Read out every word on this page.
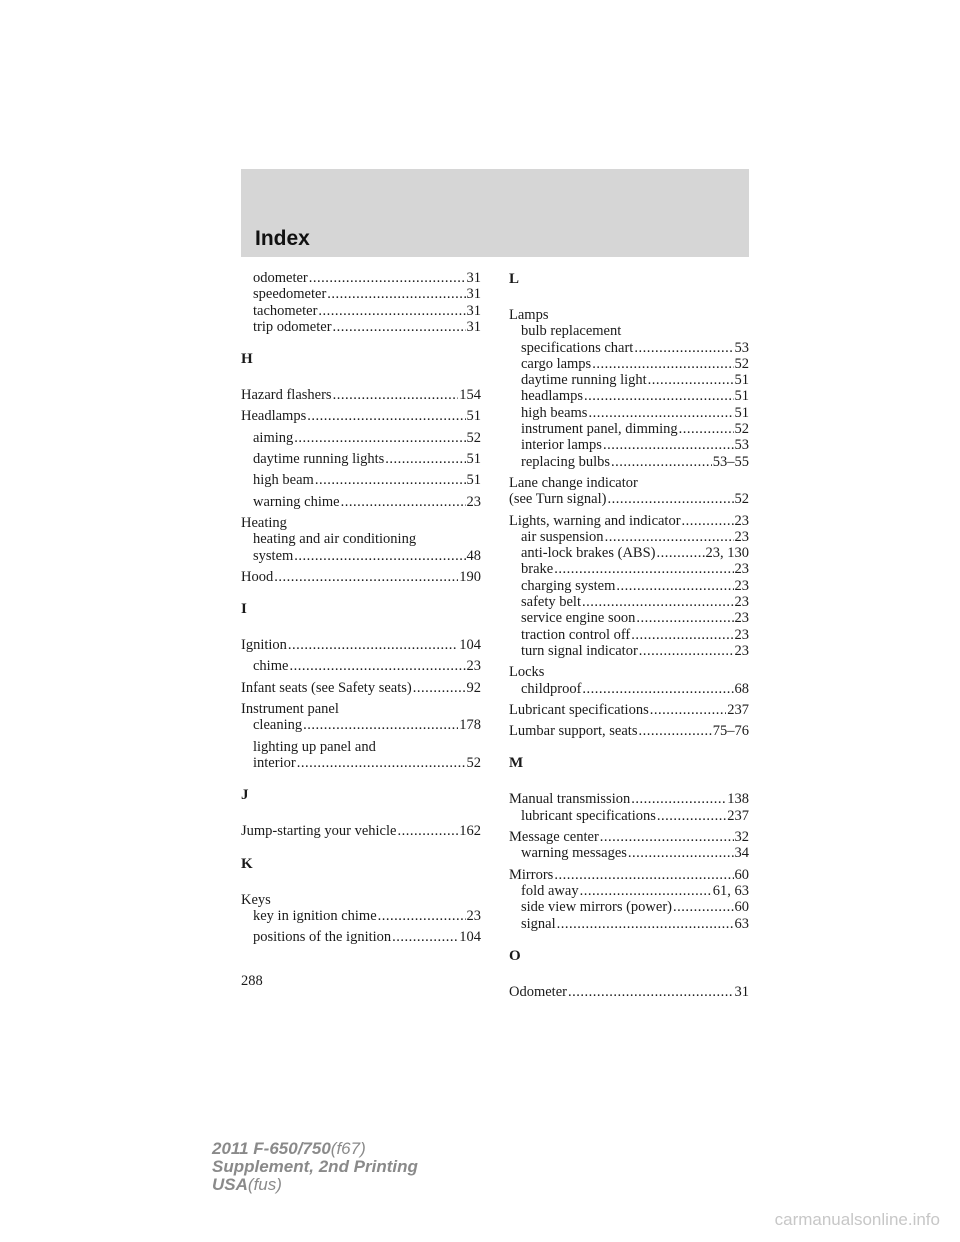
Index
odometer .....	31
speedometer .....	31
tachometer .....	31
trip odometer .....	31
H
Hazard flashers .....	154
Headlamps .....	51
aiming .....	52
daytime running lights .....	51
high beam .....	51
warning chime .....	23
Heating
heating and air conditioning
system .....	48
Hood .....	190
I
Ignition .....	104
chime .....	23
Infant seats (see Safety seats) .....	92
Instrument panel
cleaning .....	178
lighting up panel and
interior .....	52
J
Jump-starting your vehicle .....	162
K
Keys
key in ignition chime .....	23
positions of the ignition .....	104
L
Lamps
bulb replacement
specifications chart .....	53
cargo lamps .....	52
daytime running light .....	51
headlamps .....	51
high beams .....	51
instrument panel, dimming .....	52
interior lamps .....	53
replacing bulbs .....	53–55
Lane change indicator
(see Turn signal) .....	52
Lights, warning and indicator .....	23
air suspension .....	23
anti-lock brakes (ABS) .....	23, 130
brake .....	23
charging system .....	23
safety belt .....	23
service engine soon .....	23
traction control off .....	23
turn signal indicator .....	23
Locks
childproof .....	68
Lubricant specifications .....	237
Lumbar support, seats .....	75–76
M
Manual transmission .....	138
lubricant specifications .....	237
Message center .....	32
warning messages .....	34
Mirrors .....	60
fold away .....	61, 63
side view mirrors (power) .....	60
signal .....	63
O
Odometer .....	31
288
2011 F-650/750(f67)
Supplement, 2nd Printing
USA(fus)
carmanualsonline.info
